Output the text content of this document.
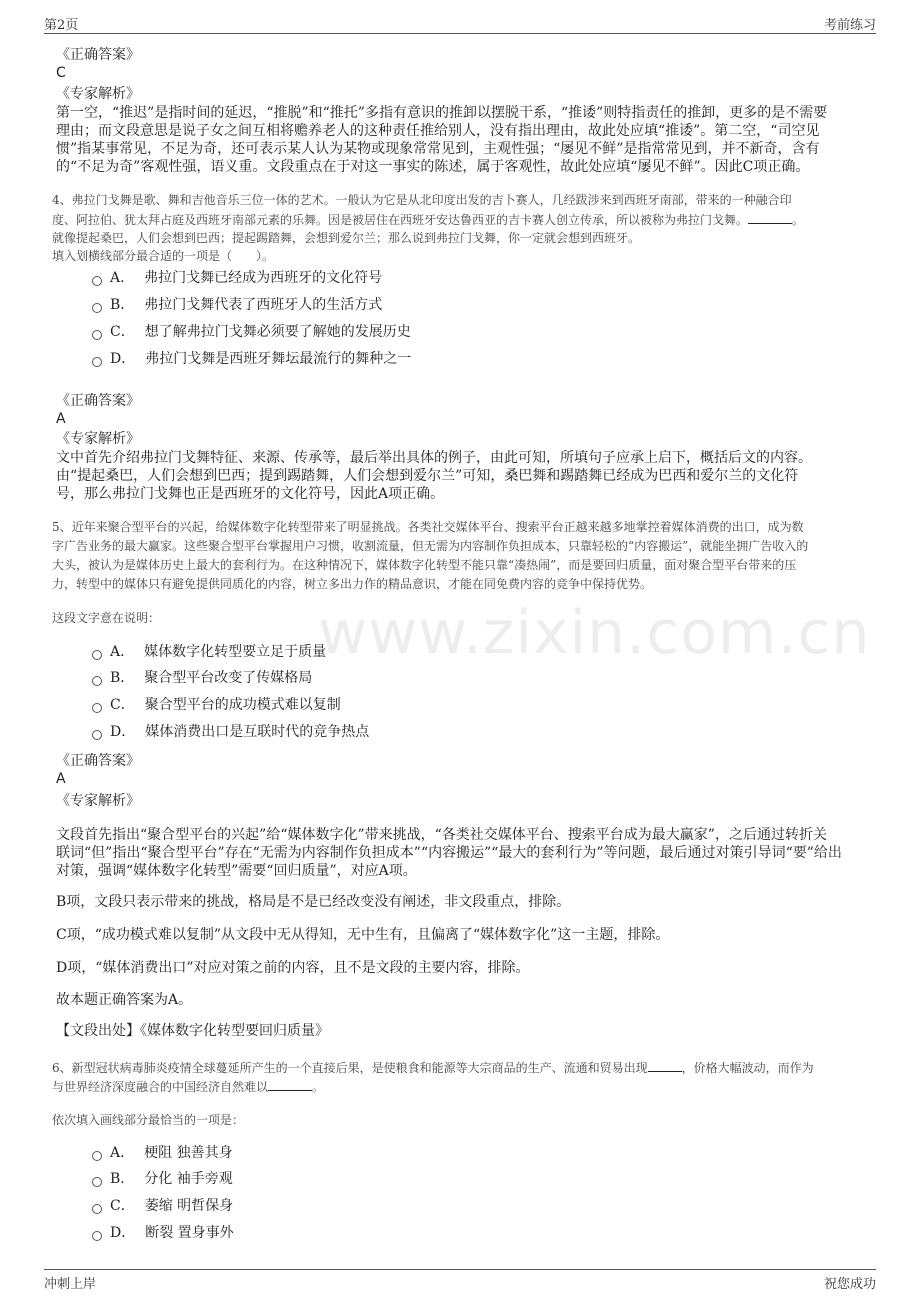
第2页	考前练习
www.zixin.com.cn
《正确答案》
C
《专家解析》
第一空，“推迟”是指时间的延迟，“推脱”和“推托”多指有意识的推卸以摆脱干系，“推诿”则特指责任的推卸，更多的是不需要
理由；而文段意思是说子女之间互相将赡养老人的这种责任推给别人，没有指出理由，故此处应填“推诿”。第二空，“司空见
惯”指某事常见，不足为奇，还可表示某人认为某物或现象常常见到，主观性强；“屡见不鲜”是指常常见到，并不新奇，含有
的“不足为奇”客观性强，语义重。文段重点在于对这一事实的陈述，属于客观性，故此处应填“屡见不鲜”。因此C项正确。
4、弗拉门戈舞是歌、舞和吉他音乐三位一体的艺术。一般认为它是从北印度出发的吉卜赛人，几经跋涉来到西班牙南部，带来的一种融合印
度、阿拉伯、犹太拜占庭及西班牙南部元素的乐舞。因是被居住在西班牙安达鲁西亚的吉卡赛人创立传承，所以被称为弗拉门戈舞。	。
就像提起桑巴，人们会想到巴西；提起踢踏舞，会想到爱尔兰；那么说到弗拉门戈舞，你一定就会想到西班牙。
填入划横线部分最合适的一项是（　　）。
A． 弗拉门戈舞已经成为西班牙的文化符号
B． 弗拉门戈舞代表了西班牙人的生活方式
C． 想了解弗拉门戈舞必须要了解她的发展历史
D． 弗拉门戈舞是西班牙舞坛最流行的舞种之一
《正确答案》
A
《专家解析》
文中首先介绍弗拉门戈舞特征、来源、传承等，最后举出具体的例子，由此可知，所填句子应承上启下，概括后文的内容。
由“提起桑巴，人们会想到巴西；提到踢踏舞，人们会想到爱尔兰”可知，桑巴舞和踢踏舞已经成为巴西和爱尔兰的文化符
号，那么弗拉门戈舞也正是西班牙的文化符号，因此A项正确。
5、近年来聚合型平台的兴起，给媒体数字化转型带来了明显挑战。各类社交媒体平台、搜索平台正越来越多地掌控着媒体消费的出口，成为数
字广告业务的最大赢家。这些聚合型平台掌握用户习惯，收割流量，但无需为内容制作负担成本，只靠轻松的“内容搬运”，就能坐拥广告收入的
大头，被认为是媒体历史上最大的套利行为。在这种情况下，媒体数字化转型不能只靠“凑热闹”，而是要回归质量，面对聚合型平台带来的压
力，转型中的媒体只有避免提供同质化的内容，树立多出力作的精品意识，才能在同免费内容的竞争中保持优势。
这段文字意在说明：
A． 媒体数字化转型要立足于质量
B． 聚合型平台改变了传媒格局
C． 聚合型平台的成功模式难以复制
D． 媒体消费出口是互联时代的竞争热点
《正确答案》
A
《专家解析》
文段首先指出“聚合型平台的兴起”给“媒体数字化”带来挑战，“各类社交媒体平台、搜索平台成为最大赢家”，之后通过转折关
联词“但”指出“聚合型平台”存在“无需为内容制作负担成本”“内容搬运”“最大的套利行为”等问题，最后通过对策引导词“要”给出
对策，强调“媒体数字化转型”需要“回归质量”，对应A项。
B项，文段只表示带来的挑战，格局是不是已经改变没有阐述，非文段重点，排除。
C项，“成功模式难以复制”从文段中无从得知，无中生有，且偏离了“媒体数字化”这一主题，排除。
D项，“媒体消费出口”对应对策之前的内容，且不是文段的主要内容，排除。
故本题正确答案为A。
【文段出处】《媒体数字化转型要回归质量》
6、新型冠状病毒肺炎疫情全球蔓延所产生的一个直接后果，是使粮食和能源等大宗商品的生产、流通和贸易出现	，价格大幅波动，而作为
与世界经济深度融合的中国经济自然难以	。
依次填入画线部分最恰当的一项是：
A． 梗阻 独善其身
B． 分化 袖手旁观
C． 萎缩 明哲保身
D． 断裂 置身事外
冲刺上岸	祝您成功
